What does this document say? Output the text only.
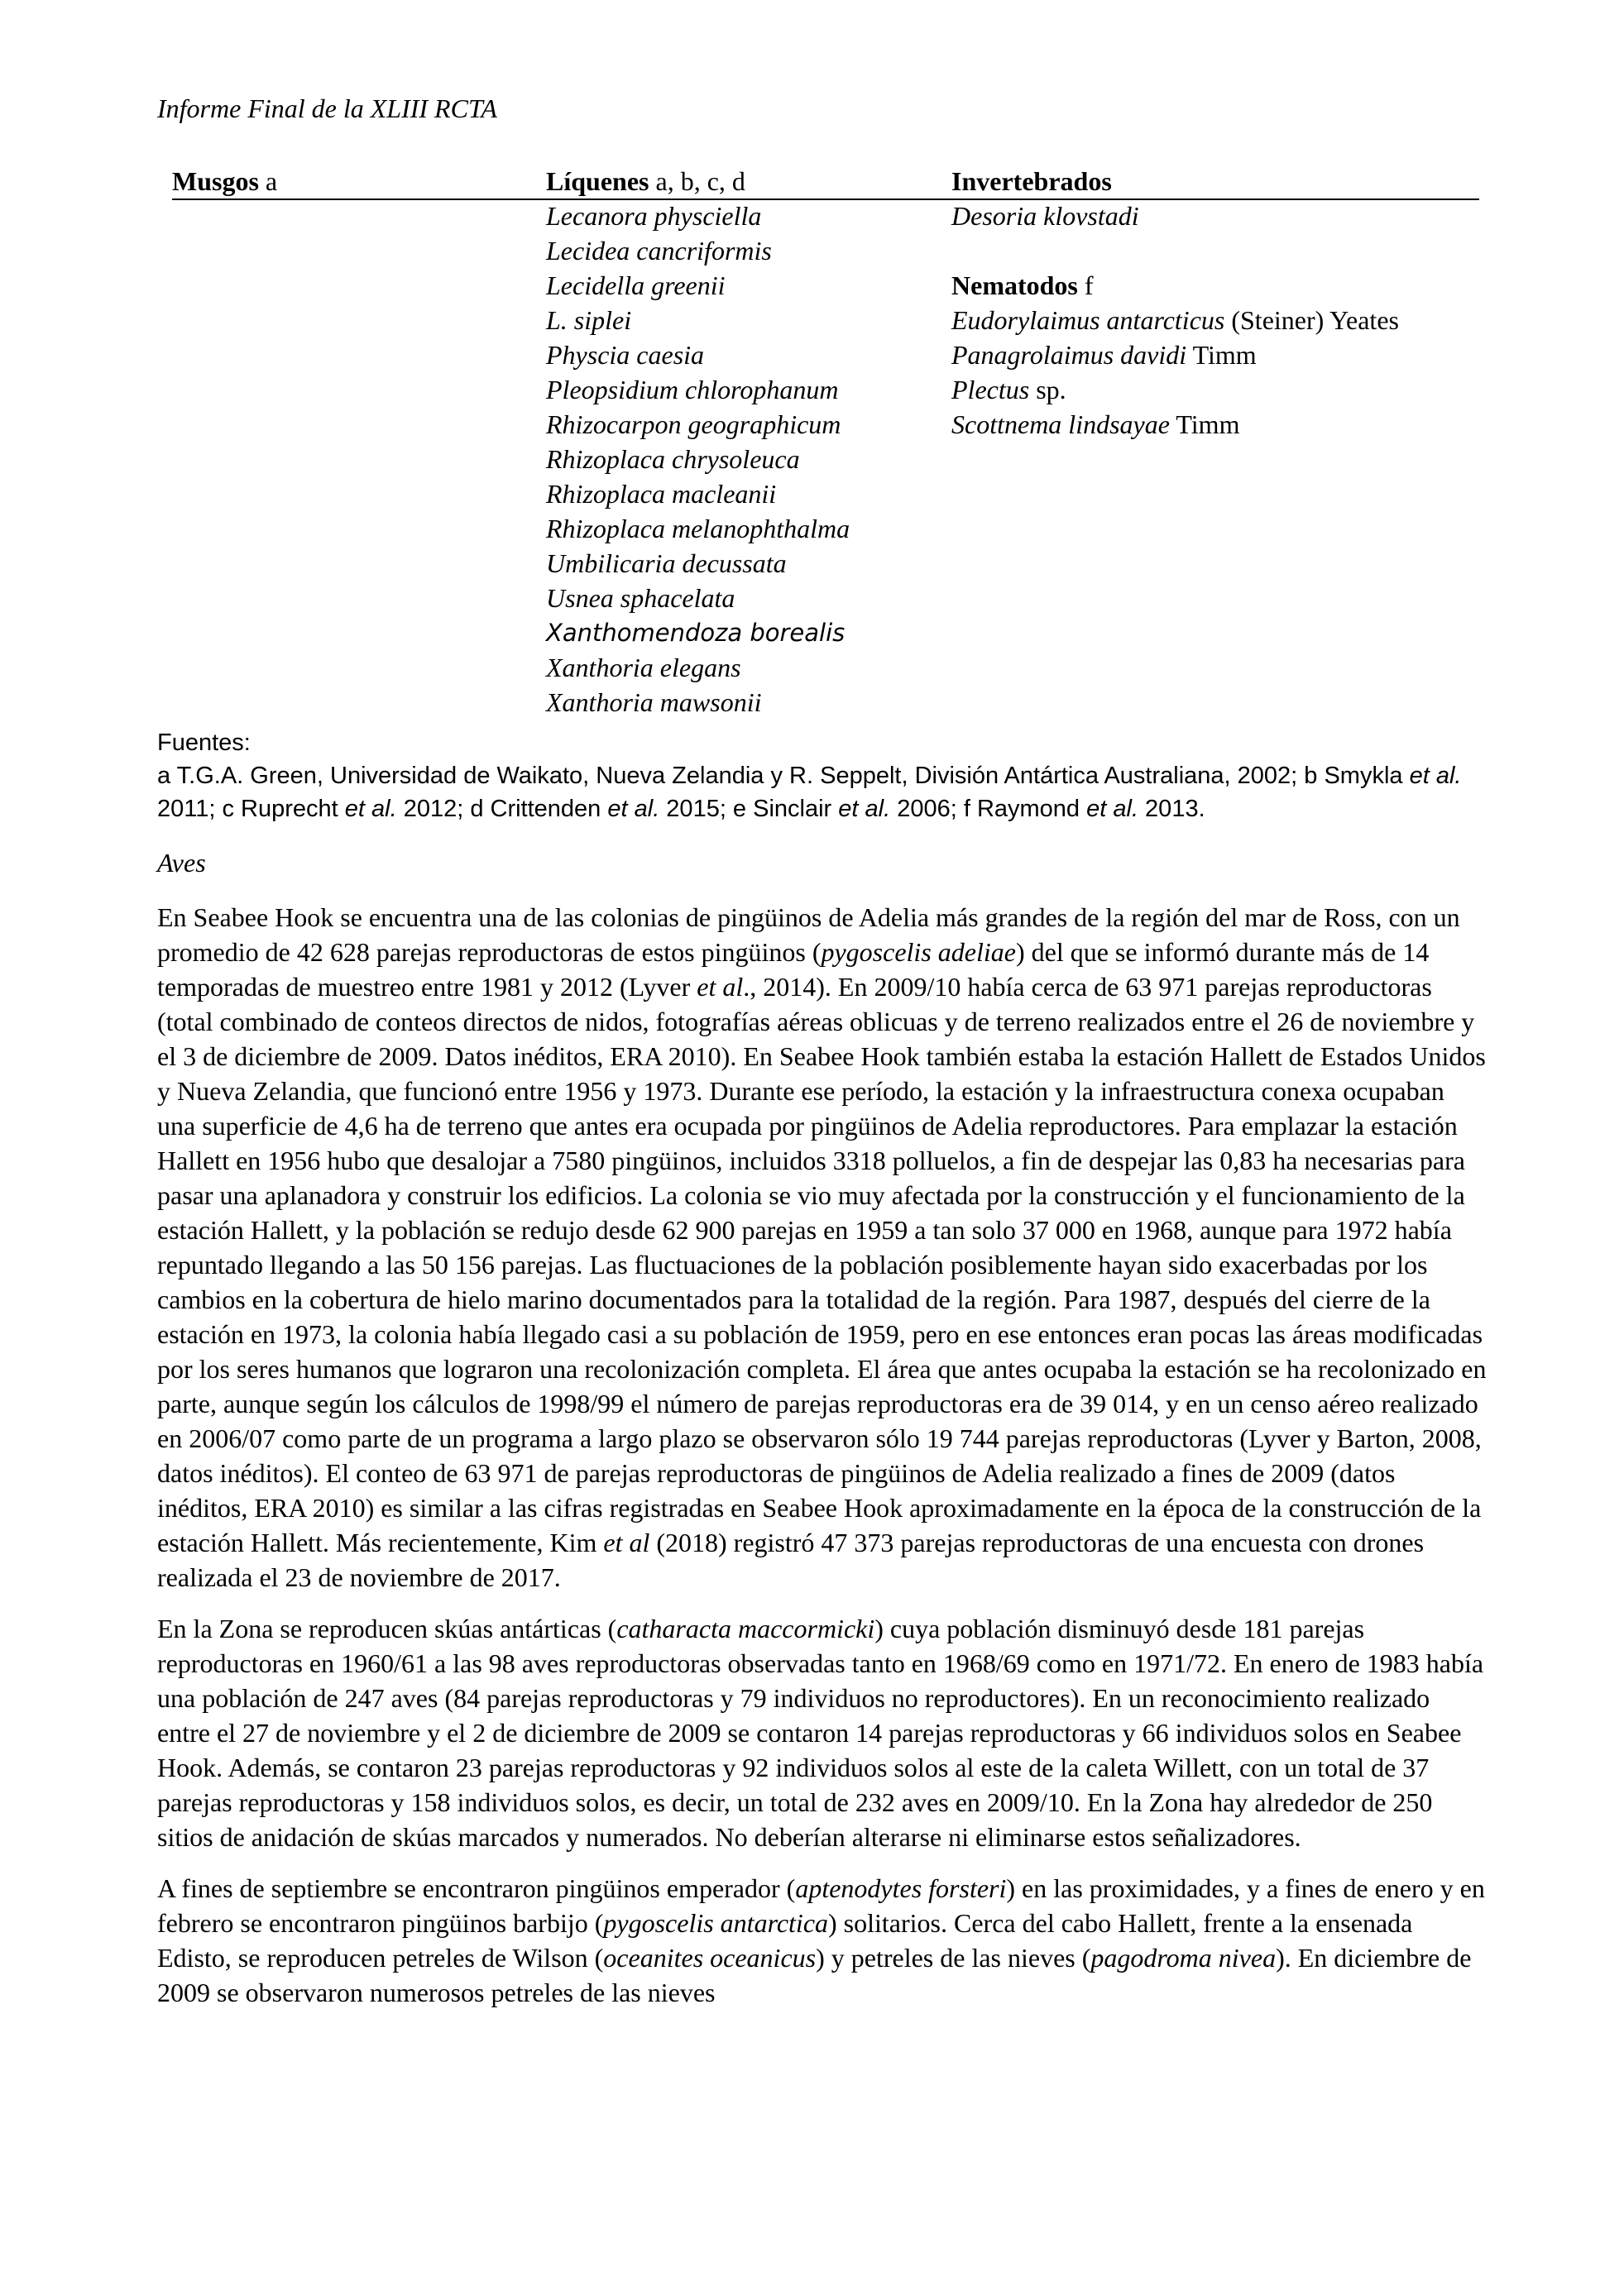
Informe Final de la XLIII RCTA
Musgos a	Líquenes a, b, c, d
Lecanora physciella
Lecidea cancriformis
Lecidella greenii
L. siplei
Physcia caesia
Pleopsidium chlorophanum
Rhizocarpon geographicum
Rhizoplaca chrysoleuca
Rhizoplaca macleanii
Rhizoplaca melanophthalma
Umbilicaria decussata
Usnea sphacelata
Xanthomendoza borealis
Xanthoria elegans
Xanthoria mawsonii
Invertebrados
Desoria klovstadi
Nematodos f
Eudorylaimus antarcticus (Steiner) Yeates
Panagrolaimus davidi Timm
Plectus sp.
Scottnema lindsayae Timm
Fuentes:
a T.G.A. Green, Universidad de Waikato, Nueva Zelandia y R. Seppelt, División Antártica Australiana, 2002; b Smykla et al. 2011; c Ruprecht et al. 2012; d Crittenden et al. 2015; e Sinclair et al. 2006; f Raymond et al. 2013.
Aves

En Seabee Hook se encuentra una de las colonias de pingüinos de Adelia más grandes de la región del mar de Ross, con un promedio de 42 628 parejas reproductoras de estos pingüinos (pygoscelis adeliae) del que se informó durante más de 14 temporadas de muestreo entre 1981 y 2012 (Lyver et al., 2014). En 2009/10 había cerca de 63 971 parejas reproductoras (total combinado de conteos directos de nidos, fotografías aéreas oblicuas y de terreno realizados entre el 26 de noviembre y el 3 de diciembre de 2009. Datos inéditos, ERA 2010). En Seabee Hook también estaba la estación Hallett de Estados Unidos y Nueva Zelandia, que funcionó entre 1956 y 1973. Durante ese período, la estación y la infraestructura conexa ocupaban una superficie de 4,6 ha de terreno que antes era ocupada por pingüinos de Adelia reproductores. Para emplazar la estación Hallett en 1956 hubo que desalojar a 7580 pingüinos, incluidos 3318 polluelos, a fin de despejar las 0,83 ha necesarias para pasar una aplanadora y construir los edificios. La colonia se vio muy afectada por la construcción y el funcionamiento de la estación Hallett, y la población se redujo desde 62 900 parejas en 1959 a tan solo 37 000 en 1968, aunque para 1972 había repuntado llegando a las 50 156 parejas. Las fluctuaciones de la población posiblemente hayan sido exacerbadas por los cambios en la cobertura de hielo marino documentados para la totalidad de la región. Para 1987, después del cierre de la estación en 1973, la colonia había llegado casi a su población de 1959, pero en ese entonces eran pocas las áreas modificadas por los seres humanos que lograron una recolonización completa. El área que antes ocupaba la estación se ha recolonizado en parte, aunque según los cálculos de 1998/99 el número de parejas reproductoras era de 39 014, y en un censo aéreo realizado en 2006/07 como parte de un programa a largo plazo se observaron sólo 19 744 parejas reproductoras (Lyver y Barton, 2008, datos inéditos). El conteo de 63 971 de parejas reproductoras de pingüinos de Adelia realizado a fines de 2009 (datos inéditos, ERA 2010) es similar a las cifras registradas en Seabee Hook aproximadamente en la época de la construcción de la estación Hallett. Más recientemente, Kim et al (2018) registró 47 373 parejas reproductoras de una encuesta con drones realizada el 23 de noviembre de 2017.

En la Zona se reproducen skúas antárticas (catharacta maccormicki) cuya población disminuyó desde 181 parejas reproductoras en 1960/61 a las 98 aves reproductoras observadas tanto en 1968/69 como en 1971/72. En enero de 1983 había una población de 247 aves (84 parejas reproductoras y 79 individuos no reproductores). En un reconocimiento realizado entre el 27 de noviembre y el 2 de diciembre de 2009 se contaron 14 parejas reproductoras y 66 individuos solos en Seabee Hook. Además, se contaron 23 parejas reproductoras y 92 individuos solos al este de la caleta Willett, con un total de 37 parejas reproductoras y 158 individuos solos, es decir, un total de 232 aves en 2009/10. En la Zona hay alrededor de 250 sitios de anidación de skúas marcados y numerados. No deberían alterarse ni eliminarse estos señalizadores.

A fines de septiembre se encontraron pingüinos emperador (aptenodytes forsteri) en las proximidades, y a fines de enero y en febrero se encontraron pingüinos barbijo (pygoscelis antarctica) solitarios. Cerca del cabo Hallett, frente a la ensenada Edisto, se reproducen petreles de Wilson (oceanites oceanicus) y petreles de las nieves (pagodroma nivea). En diciembre de 2009 se observaron numerosos petreles de las nieves
